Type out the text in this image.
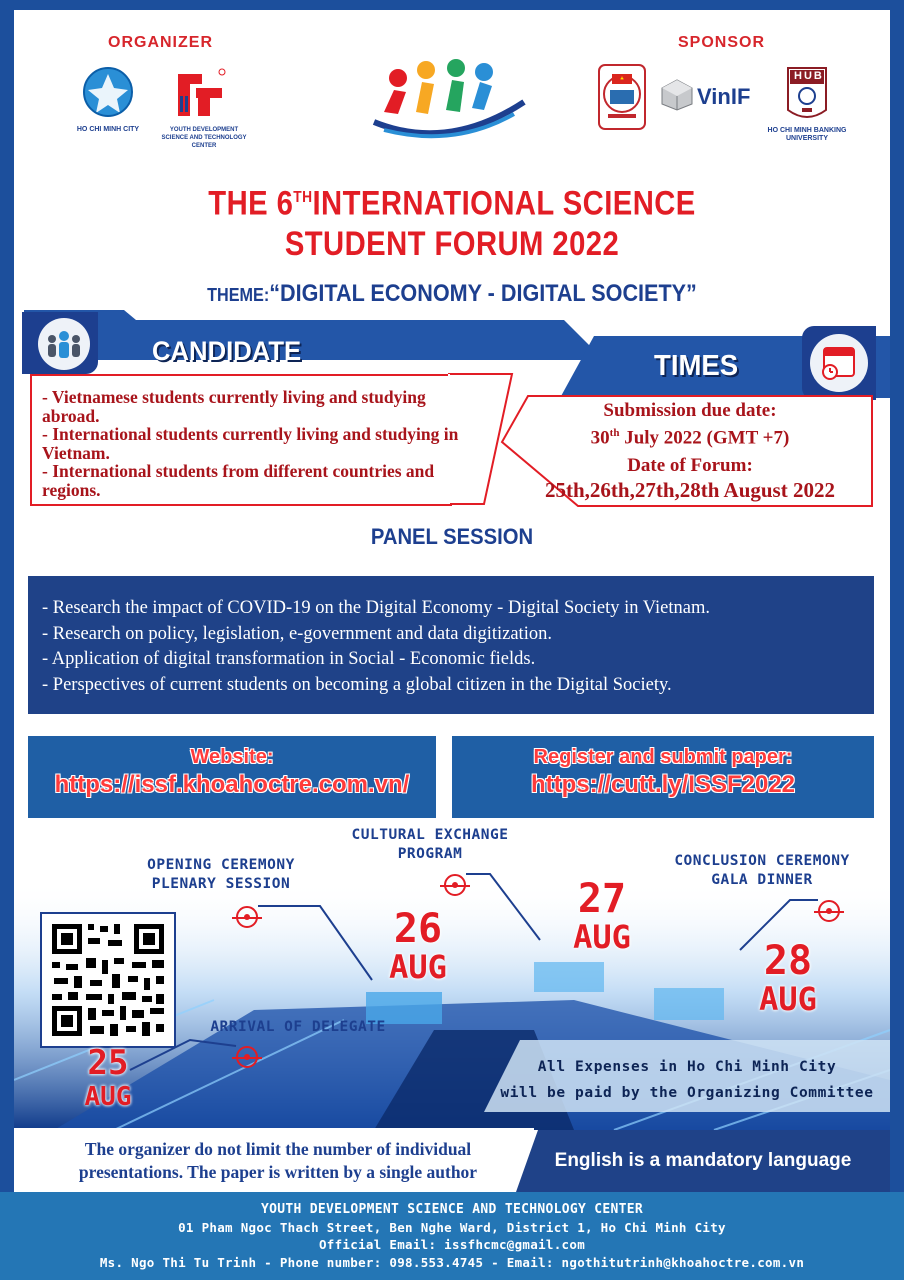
ORGANIZER	SPONSOR
HO CHI MINH CITY	YOUTH DEVELOPMENT SCIENCE AND TECHNOLOGY CENTER
VinIF
HUB
HO CHI MINH BANKING UNIVERSITY
THE 6THINTERNATIONAL SCIENCE
STUDENT FORUM 2022
THEME:“DIGITAL ECONOMY - DIGITAL SOCIETY”
CANDIDATE
- Vietnamese students currently living and studying abroad.
- International students currently living and studying in Vietnam.
- International students from different countries and regions.
TIMES
Submission due date:
30th July 2022 (GMT +7)
Date of Forum:
25th,26th,27th,28th August 2022
PANEL SESSION
- Research the impact of COVID-19 on the Digital Economy - Digital Society in Vietnam.
- Research on policy, legislation, e-government and data digitization.
- Application of digital transformation in Social - Economic fields.
- Perspectives of current students on becoming a global citizen in the Digital Society.
Website:
https://issf.khoahoctre.com.vn/
Register and submit paper:
https://cutt.ly/ISSF2022
OPENING CEREMONY
PLENARY SESSION
CULTURAL EXCHANGE
PROGRAM	CONCLUSION CEREMONY
GALA DINNER
ARRIVAL OF DELEGATE
26
AUG
27
AUG
28
AUG
25
AUG
All Expenses in Ho Chi Minh City
will be paid by the Organizing Committee
The organizer do not limit the number of individual
presentations. The paper is written by a single author
English is a mandatory language
YOUTH DEVELOPMENT SCIENCE AND TECHNOLOGY CENTER
01 Pham Ngoc Thach Street, Ben Nghe Ward, District 1, Ho Chi Minh City
Official Email: issfhcmc@gmail.com
Ms. Ngo Thi Tu Trinh - Phone number: 098.553.4745 - Email: ngothitutrinh@khoahoctre.com.vn
